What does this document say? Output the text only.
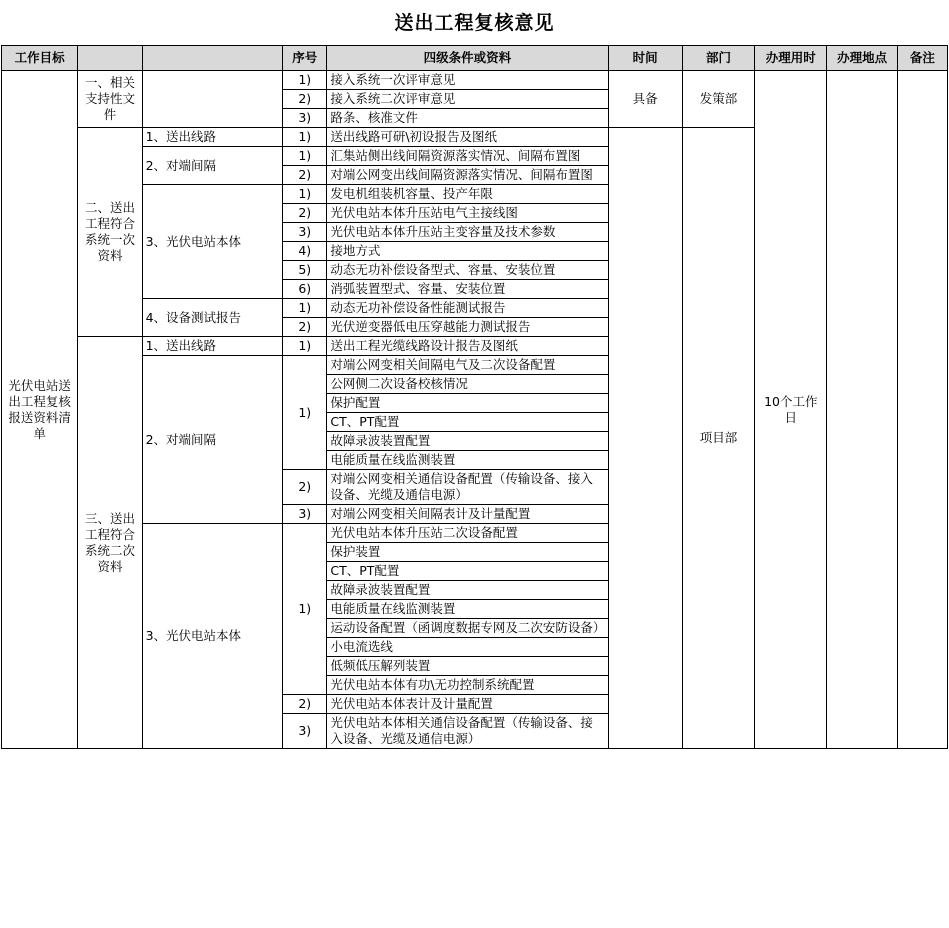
送出工程复核意见
工作目标			序号	四级条件或资料	时间	部门	办理用时	办理地点	备注
光伏电站送出工程复核报送资料清单	一、相关支持性文件		1)	接入系统一次评审意见	具备	发策部	10个工作日		
			2)	接入系统二次评审意见					
			3)	路条、核准文件					
	二、送出工程符合系统一次资料	1、送出线路	1)	送出线路可研\初设报告及图纸		项目部			
		2、对端间隔	1)	汇集站侧出线间隔资源落实情况、间隔布置图					
			2)	对端公网变出线间隔资源落实情况、间隔布置图					
		3、光伏电站本体	1)	发电机组装机容量、投产年限					
			2)	光伏电站本体升压站电气主接线图					
			3)	光伏电站本体升压站主变容量及技术参数					
			4)	接地方式					
			5)	动态无功补偿设备型式、容量、安装位置					
			6)	消弧装置型式、容量、安装位置					
		4、设备测试报告	1)	动态无功补偿设备性能测试报告					
			2)	光伏逆变器低电压穿越能力测试报告					
	三、送出工程符合系统二次资料	1、送出线路	1)	送出工程光缆线路设计报告及图纸					
		2、对端间隔	1)	对端公网变相关间隔电气及二次设备配置					
				公网侧二次设备校核情况					
				保护配置					
				CT、PT配置					
				故障录波装置配置					
				电能质量在线监测装置					
			2)	对端公网变相关通信设备配置（传输设备、接入设备、光缆及通信电源）					
			3)	对端公网变相关间隔表计及计量配置					
		3、光伏电站本体	1)	光伏电站本体升压站二次设备配置					
				保护装置					
				CT、PT配置					
				故障录波装置配置					
				电能质量在线监测装置					
				运动设备配置（函调度数据专网及二次安防设备）					
				小电流选线					
				低频低压解列装置					
				光伏电站本体有功\无功控制系统配置					
			2)	光伏电站本体表计及计量配置					
			3)	光伏电站本体相关通信设备配置（传输设备、接入设备、光缆及通信电源）					
